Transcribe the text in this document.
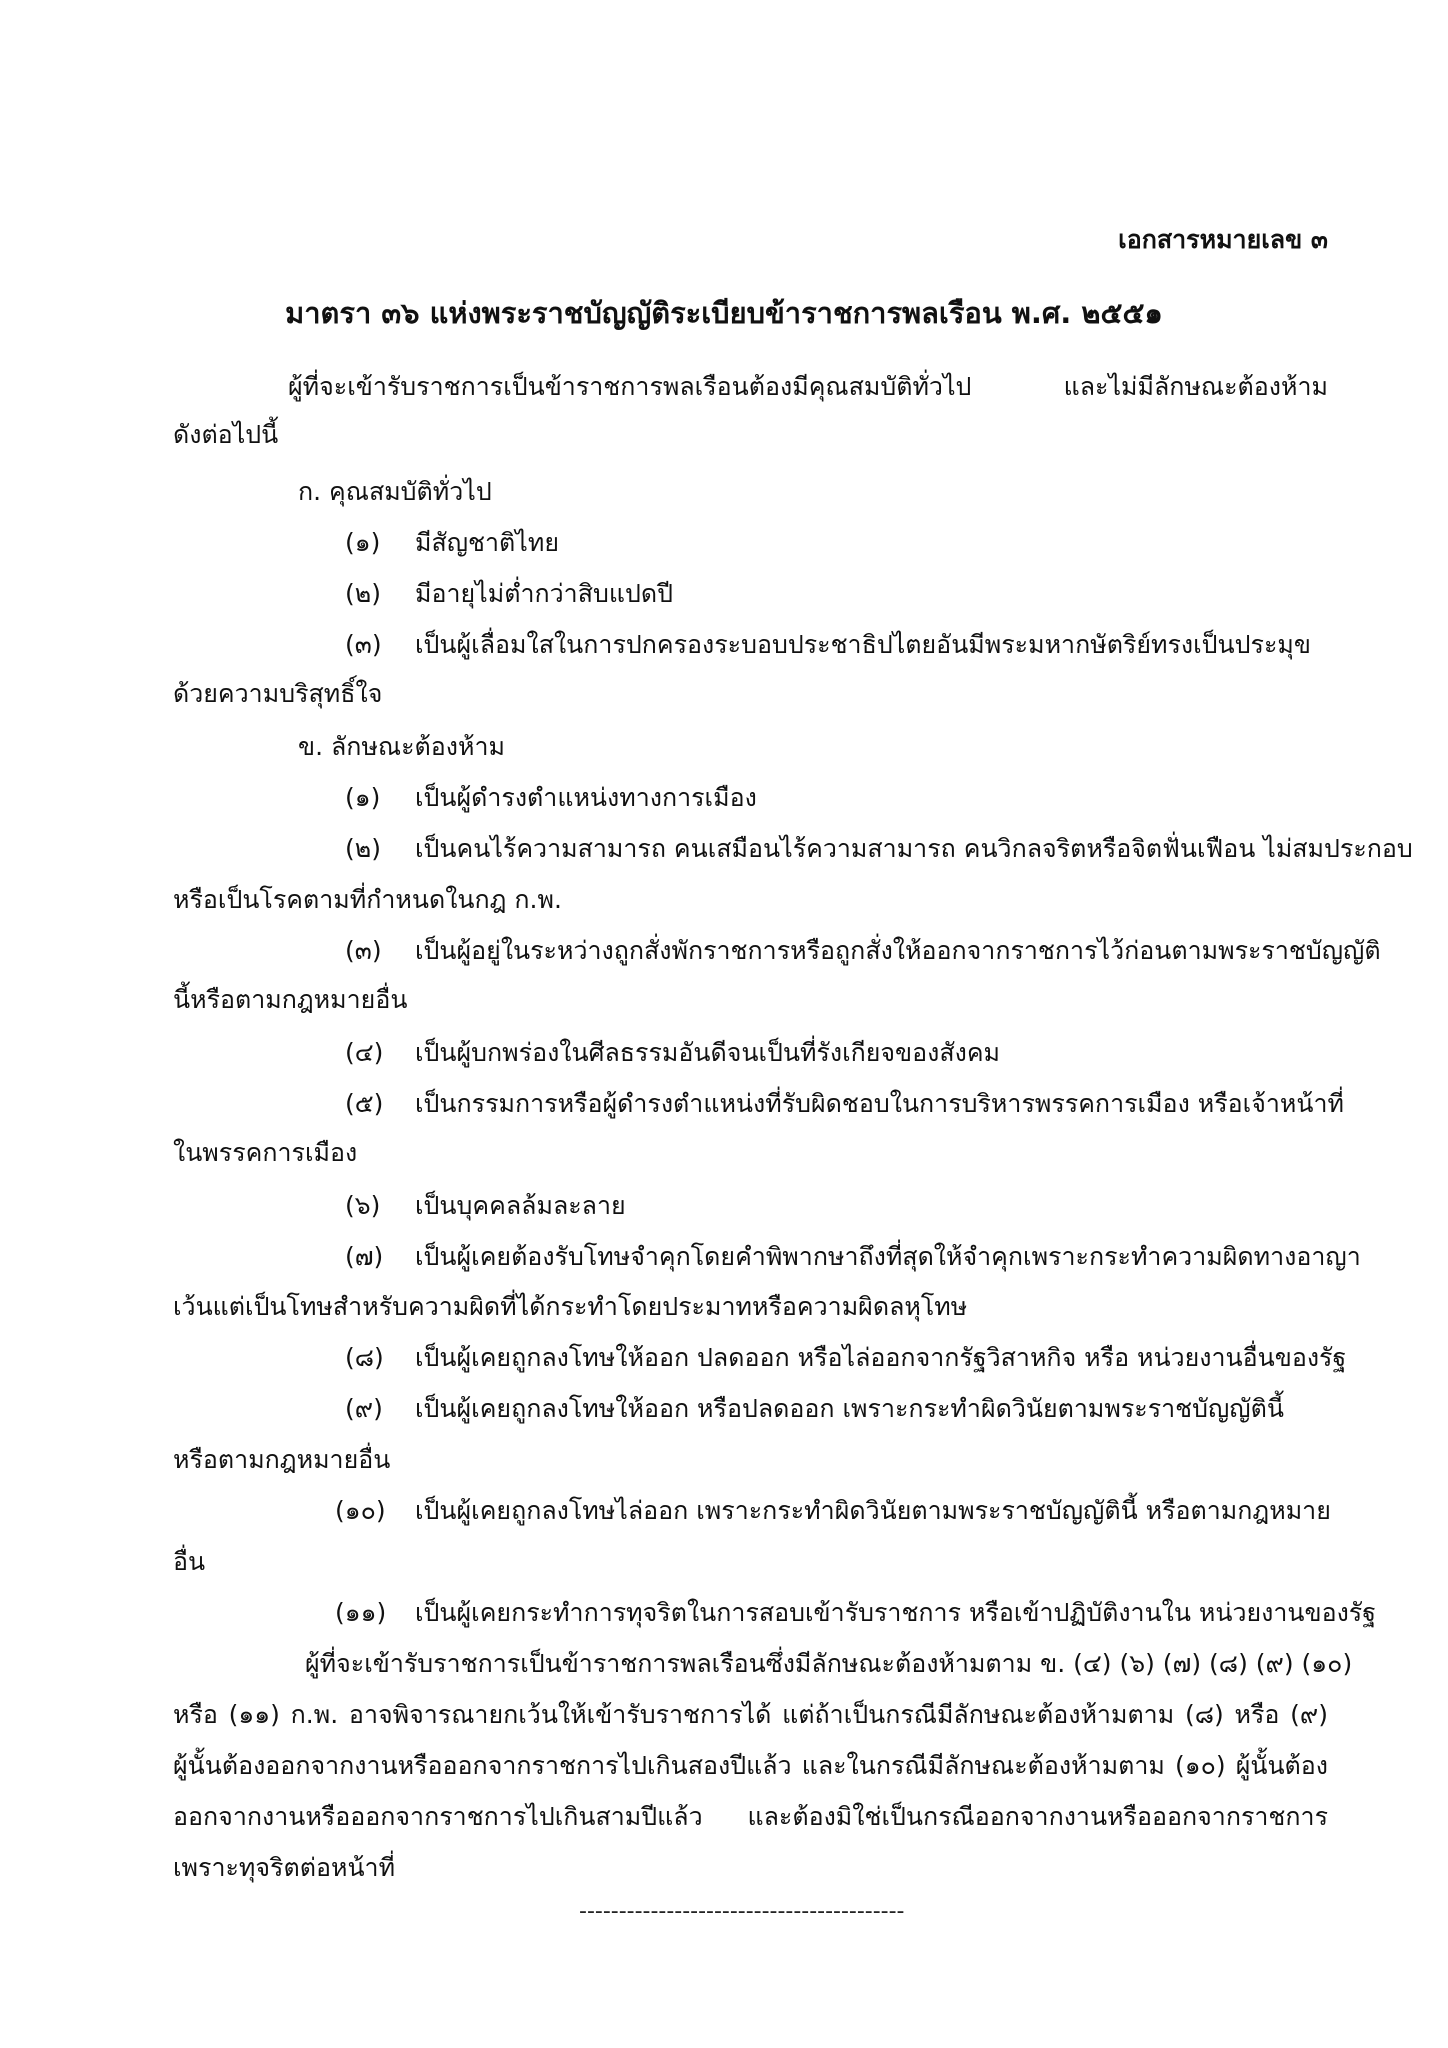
เอกสารหมายเลข ๓
มาตรา ๓๖ แห่งพระราชบัญญัติระเบียบข้าราชการพลเรือน พ.ศ. ๒๕๕๑
ผู้ที่จะเข้ารับราชการเป็นข้าราชการพลเรือนต้องมีคุณสมบัติทั่วไป และไม่มีลักษณะต้องห้าม
ดังต่อไปนี้
ก. คุณสมบัติทั่วไป
(๑) มีสัญชาติไทย
(๒) มีอายุไม่ต่ำกว่าสิบแปดปี
(๓) เป็นผู้เลื่อมใสในการปกครองระบอบประชาธิปไตยอันมีพระมหากษัตริย์ทรงเป็นประมุข
ด้วยความบริสุทธิ์ใจ
ข. ลักษณะต้องห้าม
(๑) เป็นผู้ดำรงตำแหน่งทางการเมือง
(๒) เป็นคนไร้ความสามารถ คนเสมือนไร้ความสามารถ คนวิกลจริตหรือจิตฟั่นเฟือน ไม่สมประกอบ
หรือเป็นโรคตามที่กำหนดในกฎ ก.พ.
(๓) เป็นผู้อยู่ในระหว่างถูกสั่งพักราชการหรือถูกสั่งให้ออกจากราชการไว้ก่อนตามพระราชบัญญัติ
นี้หรือตามกฎหมายอื่น
(๔) เป็นผู้บกพร่องในศีลธรรมอันดีจนเป็นที่รังเกียจของสังคม
(๕) เป็นกรรมการหรือผู้ดำรงตำแหน่งที่รับผิดชอบในการบริหารพรรคการเมือง หรือเจ้าหน้าที่
ในพรรคการเมือง
(๖) เป็นบุคคลล้มละลาย
(๗) เป็นผู้เคยต้องรับโทษจำคุกโดยคำพิพากษาถึงที่สุดให้จำคุกเพราะกระทำความผิดทางอาญา
เว้นแต่เป็นโทษสำหรับความผิดที่ได้กระทำโดยประมาทหรือความผิดลหุโทษ
(๘) เป็นผู้เคยถูกลงโทษให้ออก ปลดออก หรือไล่ออกจากรัฐวิสาหกิจ หรือ หน่วยงานอื่นของรัฐ
(๙) เป็นผู้เคยถูกลงโทษให้ออก หรือปลดออก เพราะกระทำผิดวินัยตามพระราชบัญญัตินี้
หรือตามกฎหมายอื่น
(๑๐) เป็นผู้เคยถูกลงโทษไล่ออก เพราะกระทำผิดวินัยตามพระราชบัญญัตินี้ หรือตามกฎหมาย
อื่น
(๑๑) เป็นผู้เคยกระทำการทุจริตในการสอบเข้ารับราชการ หรือเข้าปฏิบัติงานใน หน่วยงานของรัฐ
ผู้ที่จะเข้ารับราชการเป็นข้าราชการพลเรือนซึ่งมีลักษณะต้องห้ามตาม ข. (๔) (๖) (๗) (๘) (๙) (๑๐)
หรือ (๑๑) ก.พ. อาจพิจารณายกเว้นให้เข้ารับราชการได้ แต่ถ้าเป็นกรณีมีลักษณะต้องห้ามตาม (๘) หรือ (๙)
ผู้นั้นต้องออกจากงานหรือออกจากราชการไปเกินสองปีแล้ว และในกรณีมีลักษณะต้องห้ามตาม (๑๐) ผู้นั้นต้อง
ออกจากงานหรือออกจากราชการไปเกินสามปีแล้ว และต้องมิใช่เป็นกรณีออกจากงานหรือออกจากราชการ
เพราะทุจริตต่อหน้าที่
-----------------------------------------
